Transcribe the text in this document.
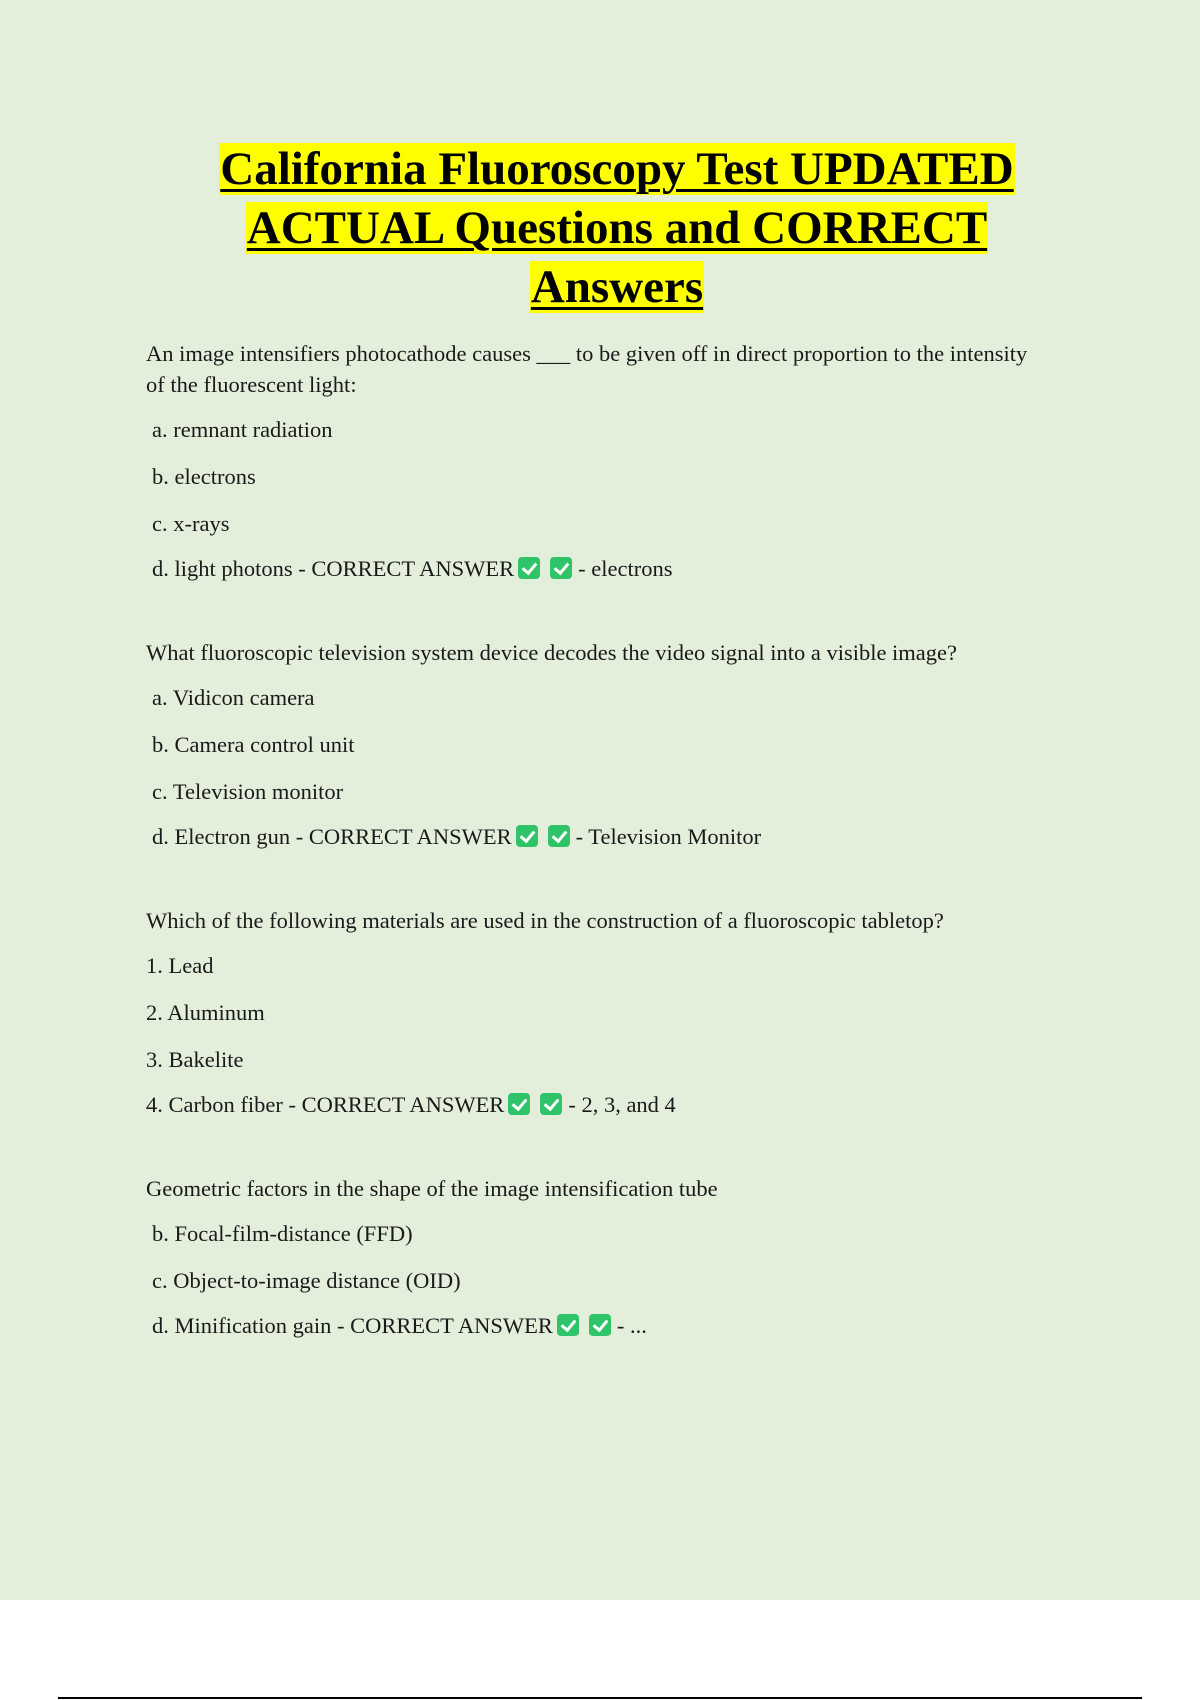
California Fluoroscopy Test UPDATED
ACTUAL Questions and CORRECT
Answers
An image intensifiers photocathode causes ___ to be given off in direct proportion to the intensity of the fluorescent light:
a. remnant radiation
b. electrons
c. x-rays
d. light photons - CORRECT ANSWER	- electrons
What fluoroscopic television system device decodes the video signal into a visible image?
a. Vidicon camera
b. Camera control unit
c. Television monitor
d. Electron gun - CORRECT ANSWER	- Television Monitor
Which of the following materials are used in the construction of a fluoroscopic tabletop?
1. Lead
2. Aluminum
3. Bakelite
4. Carbon fiber - CORRECT ANSWER	- 2, 3, and 4
Geometric factors in the shape of the image intensification tube
b. Focal-film-distance (FFD)
c. Object-to-image distance (OID)
d. Minification gain - CORRECT ANSWER	- ...
